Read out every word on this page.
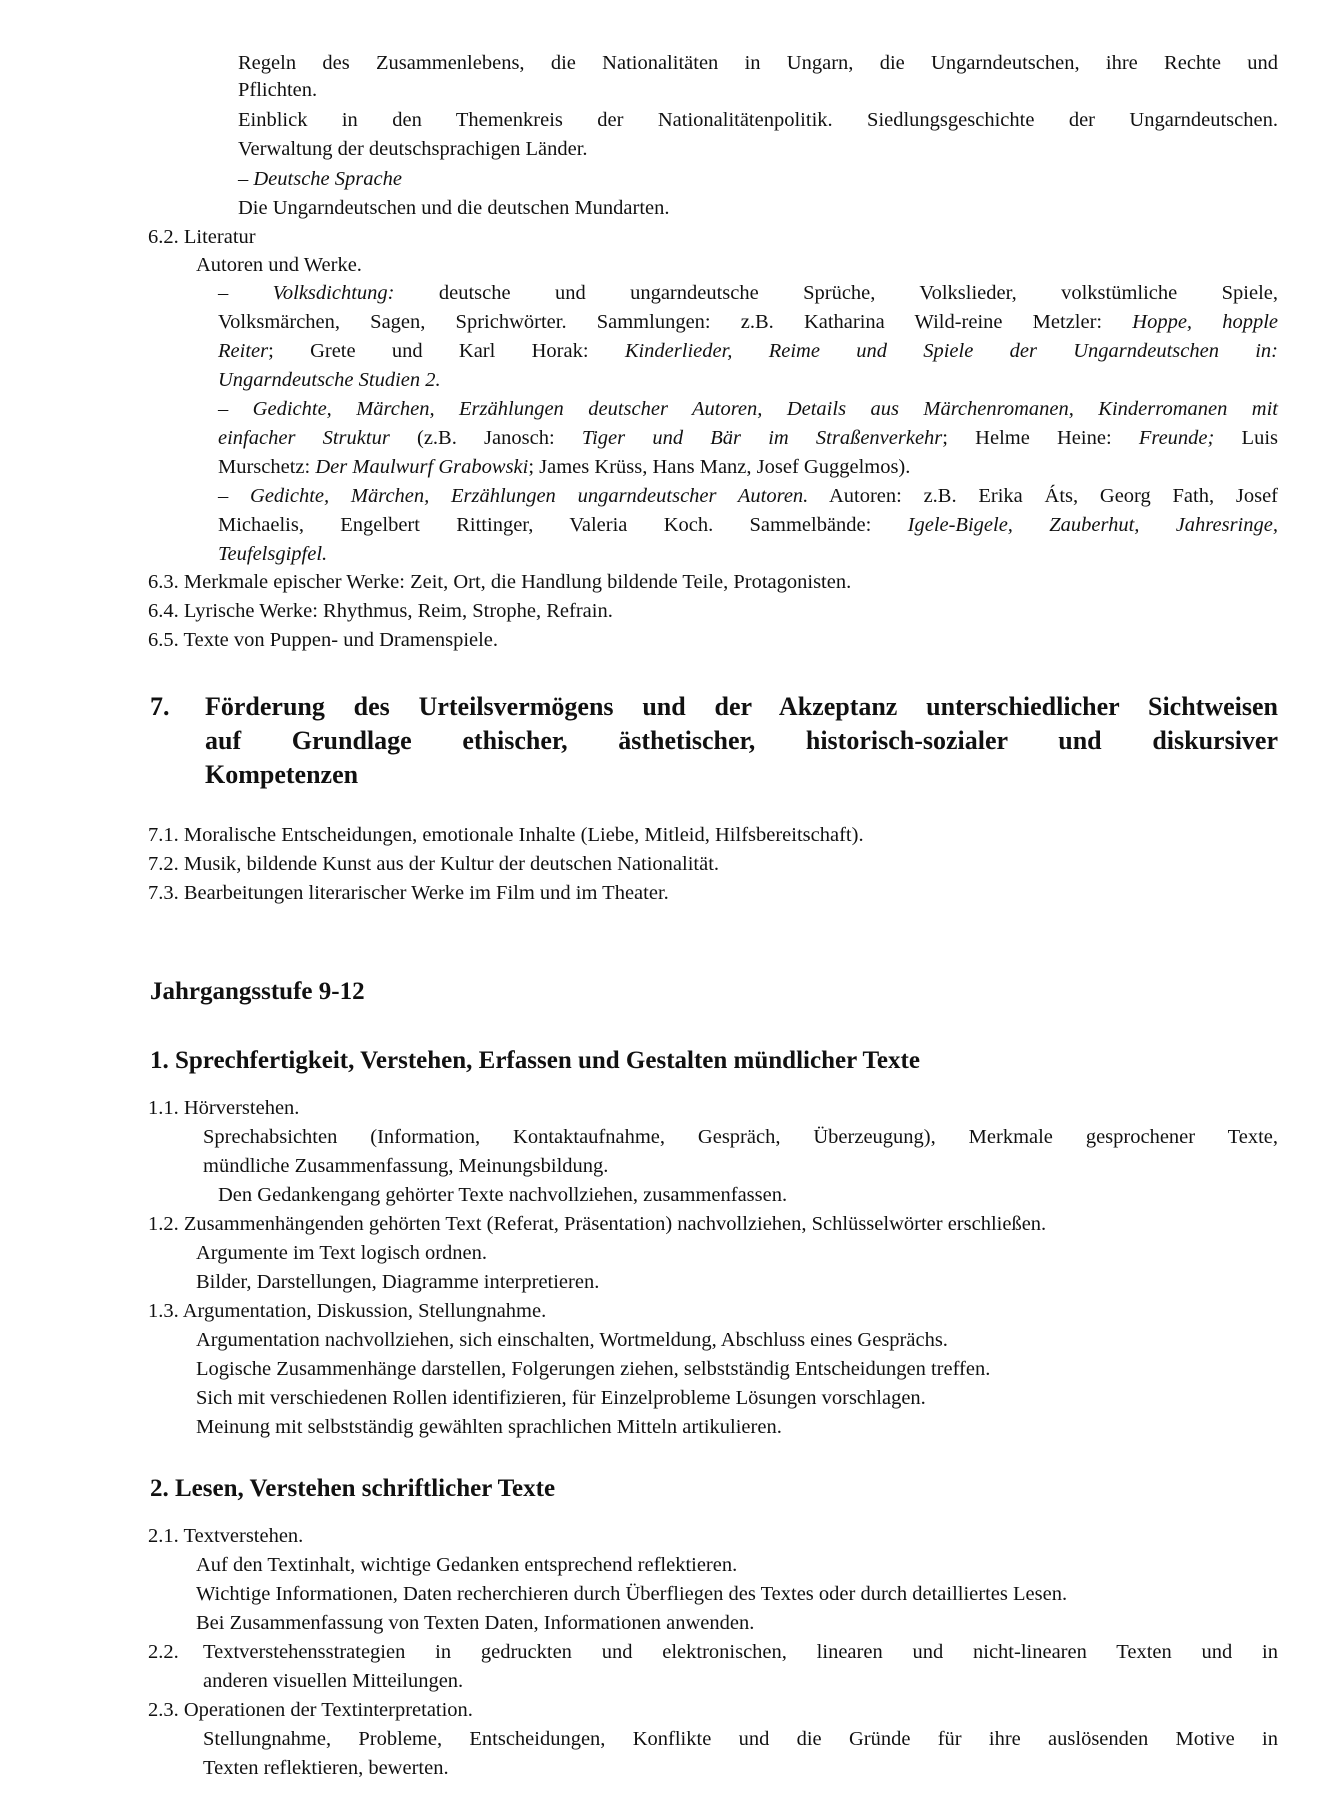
Regeln des Zusammenlebens, die Nationalitäten in Ungarn, die Ungarndeutschen, ihre Rechte und
Pflichten.
Einblick in den Themenkreis der Nationalitätenpolitik. Siedlungsgeschichte der Ungarndeutschen.
Verwaltung der deutschsprachigen Länder.
– Deutsche Sprache
Die Ungarndeutschen und die deutschen Mundarten.
6.2. Literatur
Autoren und Werke.
– Volksdichtung: deutsche und ungarndeutsche Sprüche, Volkslieder, volkstümliche Spiele,
Volksmärchen, Sagen, Sprichwörter. Sammlungen: z.B. Katharina Wild-reine Metzler: Hoppe, hopple
Reiter; Grete und Karl Horak: Kinderlieder, Reime und Spiele der Ungarndeutschen in:
Ungarndeutsche Studien 2.
– Gedichte, Märchen, Erzählungen deutscher Autoren, Details aus Märchenromanen, Kinderromanen mit
einfacher Struktur (z.B. Janosch: Tiger und Bär im Straßenverkehr; Helme Heine: Freunde; Luis
Murschetz: Der Maulwurf Grabowski; James Krüss, Hans Manz, Josef Guggelmos).
– Gedichte, Märchen, Erzählungen ungarndeutscher Autoren. Autoren: z.B. Erika Áts, Georg Fath, Josef
Michaelis, Engelbert Rittinger, Valeria Koch. Sammelbände: Igele-Bigele, Zauberhut, Jahresringe,
Teufelsgipfel.
6.3. Merkmale epischer Werke: Zeit, Ort, die Handlung bildende Teile, Protagonisten.
6.4. Lyrische Werke: Rhythmus, Reim, Strophe, Refrain.
6.5. Texte von Puppen- und Dramenspiele.
7. Förderung des Urteilsvermögens und der Akzeptanz unterschiedlicher Sichtweisen
auf Grundlage ethischer, ästhetischer, historisch-sozialer und diskursiver
Kompetenzen
7.1. Moralische Entscheidungen, emotionale Inhalte (Liebe, Mitleid, Hilfsbereitschaft).
7.2. Musik, bildende Kunst aus der Kultur der deutschen Nationalität.
7.3. Bearbeitungen literarischer Werke im Film und im Theater.
Jahrgangsstufe 9-12
1. Sprechfertigkeit, Verstehen, Erfassen und Gestalten mündlicher Texte
1.1. Hörverstehen.
Sprechabsichten (Information, Kontaktaufnahme, Gespräch, Überzeugung), Merkmale gesprochener Texte,
mündliche Zusammenfassung, Meinungsbildung.
Den Gedankengang gehörter Texte nachvollziehen, zusammenfassen.
1.2. Zusammenhängenden gehörten Text (Referat, Präsentation) nachvollziehen, Schlüsselwörter erschließen.
Argumente im Text logisch ordnen.
Bilder, Darstellungen, Diagramme interpretieren.
1.3. Argumentation, Diskussion, Stellungnahme.
Argumentation nachvollziehen, sich einschalten, Wortmeldung, Abschluss eines Gesprächs.
Logische Zusammenhänge darstellen, Folgerungen ziehen, selbstständig Entscheidungen treffen.
Sich mit verschiedenen Rollen identifizieren, für Einzelprobleme Lösungen vorschlagen.
Meinung mit selbstständig gewählten sprachlichen Mitteln artikulieren.
2. Lesen, Verstehen schriftlicher Texte
2.1. Textverstehen.
Auf den Textinhalt, wichtige Gedanken entsprechend reflektieren.
Wichtige Informationen, Daten recherchieren durch Überfliegen des Textes oder durch detailliertes Lesen.
Bei Zusammenfassung von Texten Daten, Informationen anwenden.
2.2. Textverstehensstrategien in gedruckten und elektronischen, linearen und nicht-linearen Texten und in
anderen visuellen Mitteilungen.
2.3. Operationen der Textinterpretation.
Stellungnahme, Probleme, Entscheidungen, Konflikte und die Gründe für ihre auslösenden Motive in
Texten reflektieren, bewerten.
